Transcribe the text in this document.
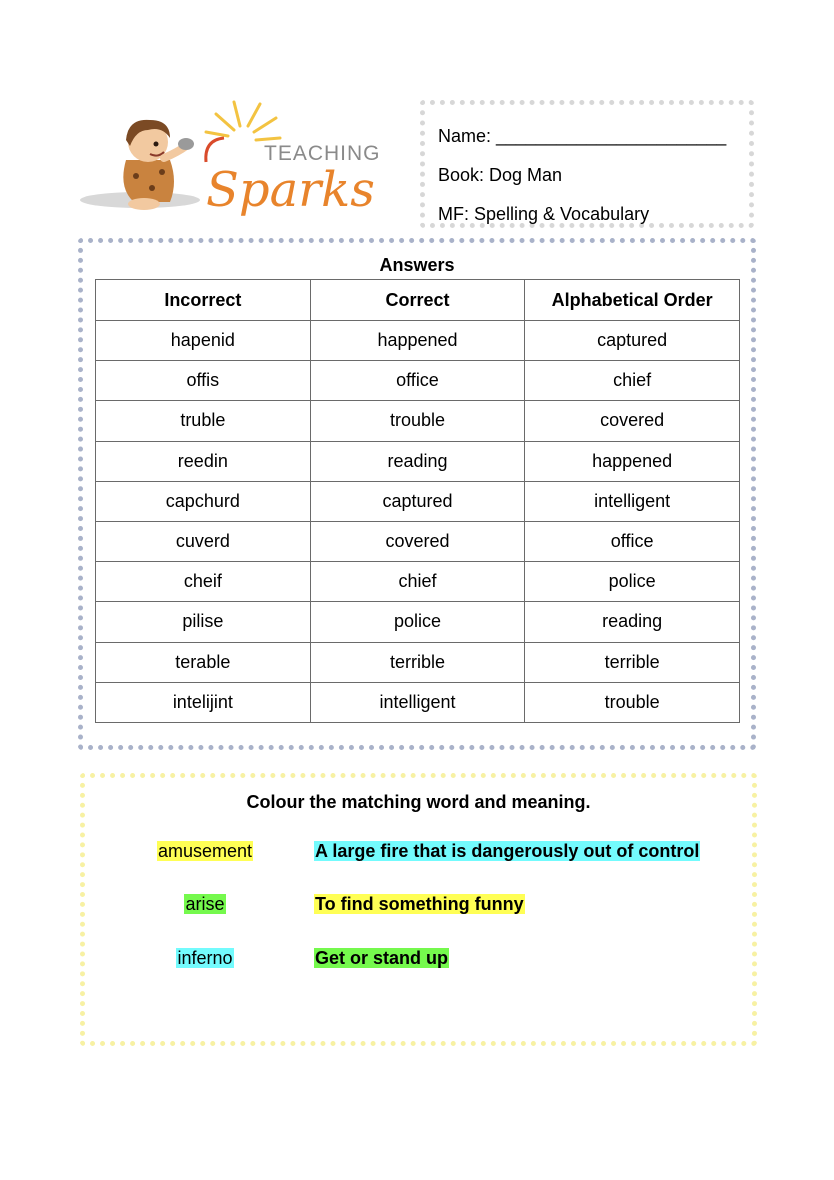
TEACHING
Sparks
Name: _______________________
Book: Dog Man
MF: Spelling & Vocabulary
Answers
Incorrect	Correct	Alphabetical Order
hapenid	happened	captured
offis	office	chief
truble	trouble	covered
reedin	reading	happened
capchurd	captured	intelligent
cuverd	covered	office
cheif	chief	police
pilise	police	reading
terable	terrible	terrible
intelijint	intelligent	trouble
Colour the matching word and meaning.
amusement	A large fire that is dangerously out of control
arise	To find something funny
inferno	Get or stand up
